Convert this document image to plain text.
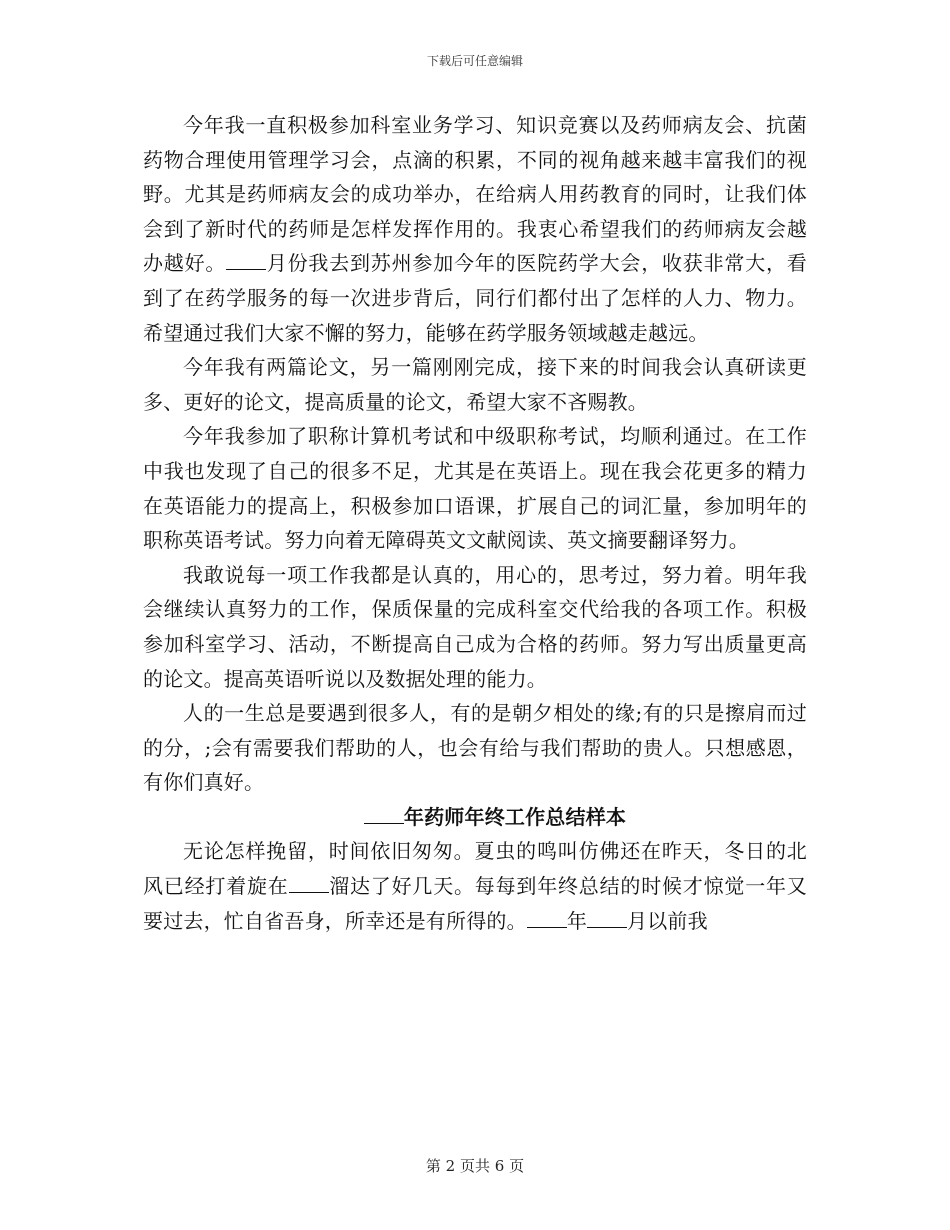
下载后可任意编辑

今年我一直积极参加科室业务学习、知识竞赛以及药师病友会、抗菌药物合理使用管理学习会，点滴的积累，不同的视角越来越丰富我们的视野。尤其是药师病友会的成功举办，在给病人用药教育的同时，让我们体会到了新时代的药师是怎样发挥作用的。我衷心希望我们的药师病友会越办越好。 月份我去到苏州参加今年的医院药学大会，收获非常大，看到了在药学服务的每一次进步背后，同行们都付出了怎样的人力、物力。希望通过我们大家不懈的努力，能够在药学服务领域越走越远。

今年我有两篇论文，另一篇刚刚完成，接下来的时间我会认真研读更多、更好的论文，提高质量的论文，希望大家不吝赐教。

今年我参加了职称计算机考试和中级职称考试，均顺利通过。在工作中我也发现了自己的很多不足，尤其是在英语上。现在我会花更多的精力在英语能力的提高上，积极参加口语课，扩展自己的词汇量，参加明年的职称英语考试。努力向着无障碍英文文献阅读、英文摘要翻译努力。

我敢说每一项工作我都是认真的，用心的，思考过，努力着。明年我会继续认真努力的工作，保质保量的完成科室交代给我的各项工作。积极参加科室学习、活动，不断提高自己成为合格的药师。努力写出质量更高的论文。提高英语听说以及数据处理的能力。

人的一生总是要遇到很多人，有的是朝夕相处的缘;有的只是擦肩而过的分，;会有需要我们帮助的人，也会有给与我们帮助的贵人。只想感恩，有你们真好。

年药师年终工作总结样本

无论怎样挽留，时间依旧匆匆。夏虫的鸣叫仿佛还在昨天，冬日的北风已经打着旋在 溜达了好几天。每每到年终总结的时候才惊觉一年又要过去，忙自省吾身，所幸还是有所得的。 年 月以前我

第 2 页共 6 页
